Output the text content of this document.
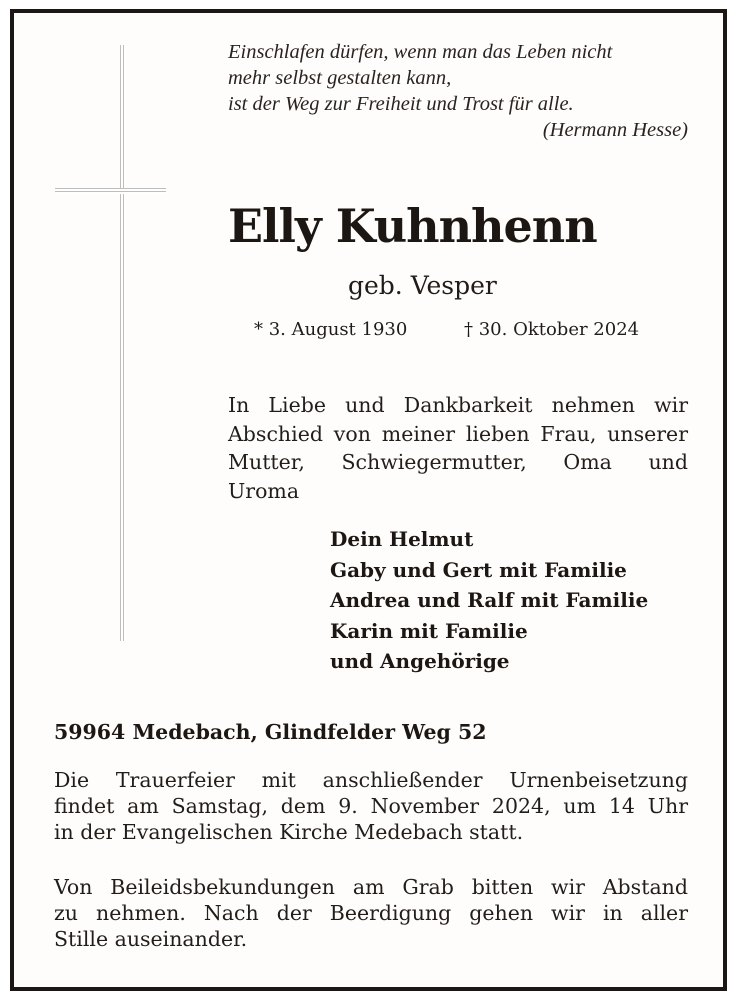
Einschlafen dürfen, wenn man das Leben nicht
mehr selbst gestalten kann,
ist der Weg zur Freiheit und Trost für alle.
(Hermann Hesse)
Elly Kuhnhenn
geb. Vesper
* 3. August 1930	† 30. Oktober 2024
In Liebe und Dankbarkeit nehmen wir
Abschied von meiner lieben Frau, unserer
Mutter, Schwiegermutter, Oma und
Uroma
Dein Helmut
Gaby und Gert mit Familie
Andrea und Ralf mit Familie
Karin mit Familie
und Angehörige
59964 Medebach, Glindfelder Weg 52
Die Trauerfeier mit anschließender Urnenbeisetzung
findet am Samstag, dem 9. November 2024, um 14 Uhr
in der Evangelischen Kirche Medebach statt.
Von Beileidsbekundungen am Grab bitten wir Abstand
zu nehmen. Nach der Beerdigung gehen wir in aller
Stille auseinander.
